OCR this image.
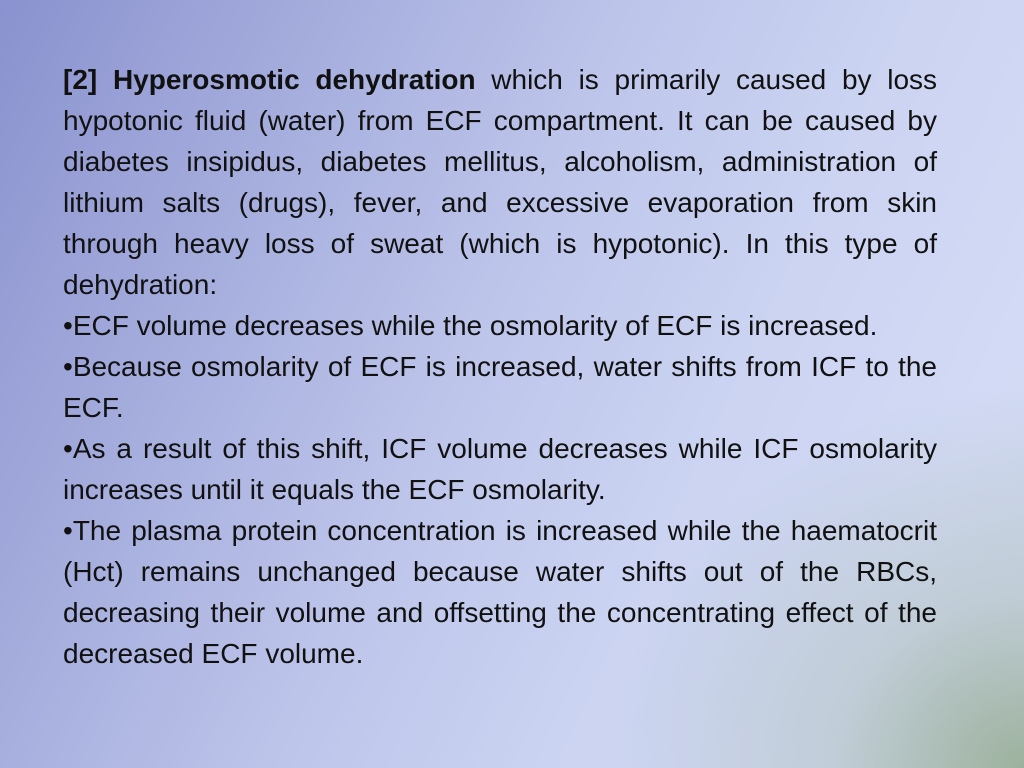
[2] Hyperosmotic dehydration which is primarily caused by loss hypotonic fluid (water) from ECF compartment. It can be caused by diabetes insipidus, diabetes mellitus, alcoholism, administration of lithium salts (drugs), fever, and excessive evaporation from skin through heavy loss of sweat (which is hypotonic). In this type of dehydration:

•ECF volume decreases while the osmolarity of ECF is increased.

•Because osmolarity of ECF is increased, water shifts from ICF to the ECF.

•As a result of this shift, ICF volume decreases while ICF osmolarity increases until it equals the ECF osmolarity.

•The plasma protein concentration is increased while the haematocrit (Hct) remains unchanged because water shifts out of the RBCs, decreasing their volume and offsetting the concentrating effect of the decreased ECF volume.
